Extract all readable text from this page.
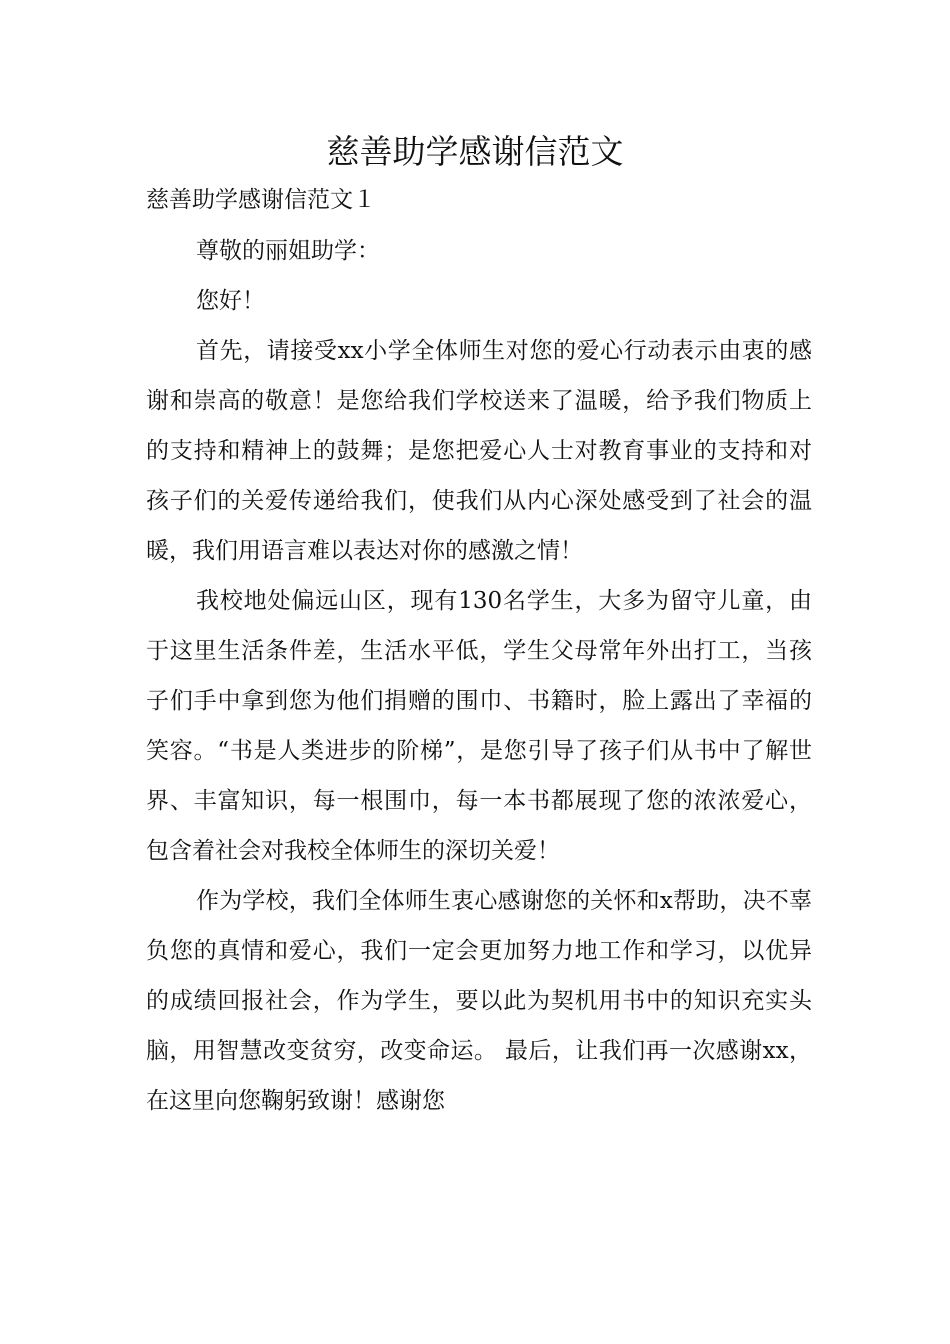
慈善助学感谢信范文

慈善助学感谢信范文１

尊敬的丽姐助学：

您好！

首先，请接受xx小学全体师生对您的爱心行动表示由衷的感谢和崇高的敬意！是您给我们学校送来了温暖，给予我们物质上的支持和精神上的鼓舞；是您把爱心人士对教育事业的支持和对孩子们的关爱传递给我们，使我们从内心深处感受到了社会的温暖，我们用语言难以表达对你的感激之情！

我校地处偏远山区，现有130名学生，大多为留守儿童，由于这里生活条件差，生活水平低，学生父母常年外出打工，当孩子们手中拿到您为他们捐赠的围巾、书籍时，脸上露出了幸福的笑容。“书是人类进步的阶梯”，是您引导了孩子们从书中了解世界、丰富知识，每一根围巾，每一本书都展现了您的浓浓爱心，包含着社会对我校全体师生的深切关爱！

作为学校，我们全体师生衷心感谢您的关怀和x帮助，决不辜负您的真情和爱心，我们一定会更加努力地工作和学习，以优异的成绩回报社会，作为学生，要以此为契机用书中的知识充实头脑，用智慧改变贫穷，改变命运。 最后，让我们再一次感谢xx，在这里向您鞠躬致谢！感谢您
